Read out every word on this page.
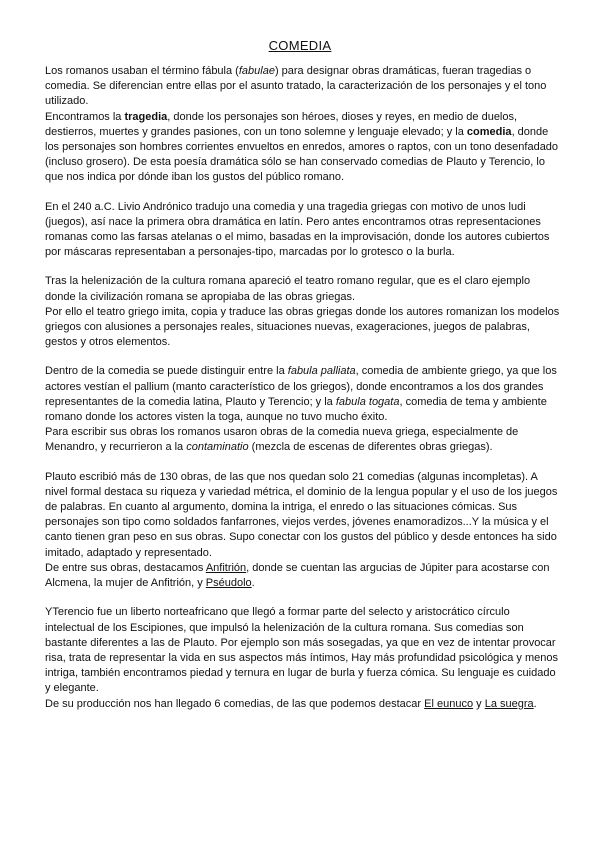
COMEDIA

Los romanos usaban el término fábula (fabulae) para designar obras dramáticas, fueran tragedias o comedia. Se diferencian entre ellas por el asunto tratado, la caracterización de los personajes y el tono utilizado.

Encontramos la tragedia, donde los personajes son héroes, dioses y reyes, en medio de duelos, destierros, muertes y grandes pasiones, con un tono solemne y lenguaje elevado; y la comedia, donde los personajes son hombres corrientes envueltos en enredos, amores o raptos, con un tono desenfadado (incluso grosero). De esta poesía dramática sólo se han conservado comedias de Plauto y Terencio, lo que nos indica por dónde iban los gustos del público romano.

En el 240 a.C. Livio Andrónico tradujo una comedia y una tragedia griegas con motivo de unos ludi (juegos), así nace la primera obra dramática en latín. Pero antes encontramos otras representaciones romanas como las farsas atelanas o el mimo, basadas en la improvisación, donde los autores cubiertos por máscaras representaban a personajes-tipo, marcadas por lo grotesco o la burla.

Tras la helenización de la cultura romana apareció el teatro romano regular, que es el claro ejemplo donde la civilización romana se apropiaba de las obras griegas.

Por ello el teatro griego imita, copia y traduce las obras griegas donde los autores romanizan los modelos griegos con alusiones a personajes reales, situaciones nuevas, exageraciones, juegos de palabras, gestos y otros elementos.

Dentro de la comedia se puede distinguir entre la fabula palliata, comedia de ambiente griego, ya que los actores vestían el pallium (manto característico de los griegos), donde encontramos a los dos grandes representantes de la comedia latina, Plauto y Terencio; y la fabula togata, comedia de tema y ambiente romano donde los actores visten la toga, aunque no tuvo mucho éxito.

Para escribir sus obras los romanos usaron obras de la comedia nueva griega, especialmente de Menandro, y recurrieron a la contaminatio (mezcla de escenas de diferentes obras griegas).

Plauto escribió más de 130 obras, de las que nos quedan solo 21 comedias (algunas incompletas). A nivel formal destaca su riqueza y variedad métrica, el dominio de la lengua popular y el uso de los juegos de palabras. En cuanto al argumento, domina la intriga, el enredo o las situaciones cómicas. Sus personajes son tipo como soldados fanfarrones, viejos verdes, jóvenes enamoradizos...Y la música y el canto tienen gran peso en sus obras. Supo conectar con los gustos del público y desde entonces ha sido imitado, adaptado y representado.

De entre sus obras, destacamos Anfitrión, donde se cuentan las argucias de Júpiter para acostarse con Alcmena, la mujer de Anfitrión, y Pséudolo.

YTerencio fue un liberto norteafricano que llegó a formar parte del selecto y aristocrático círculo intelectual de los Escipiones, que impulsó la helenización de la cultura romana. Sus comedias son bastante diferentes a las de Plauto. Por ejemplo son más sosegadas, ya que en vez de intentar provocar risa, trata de representar la vida en sus aspectos más íntimos, Hay más profundidad psicológica y menos intriga, también encontramos piedad y ternura en lugar de burla y fuerza cómica. Su lenguaje es cuidado y elegante.

De su producción nos han llegado 6 comedias, de las que podemos destacar El eunuco y La suegra.
